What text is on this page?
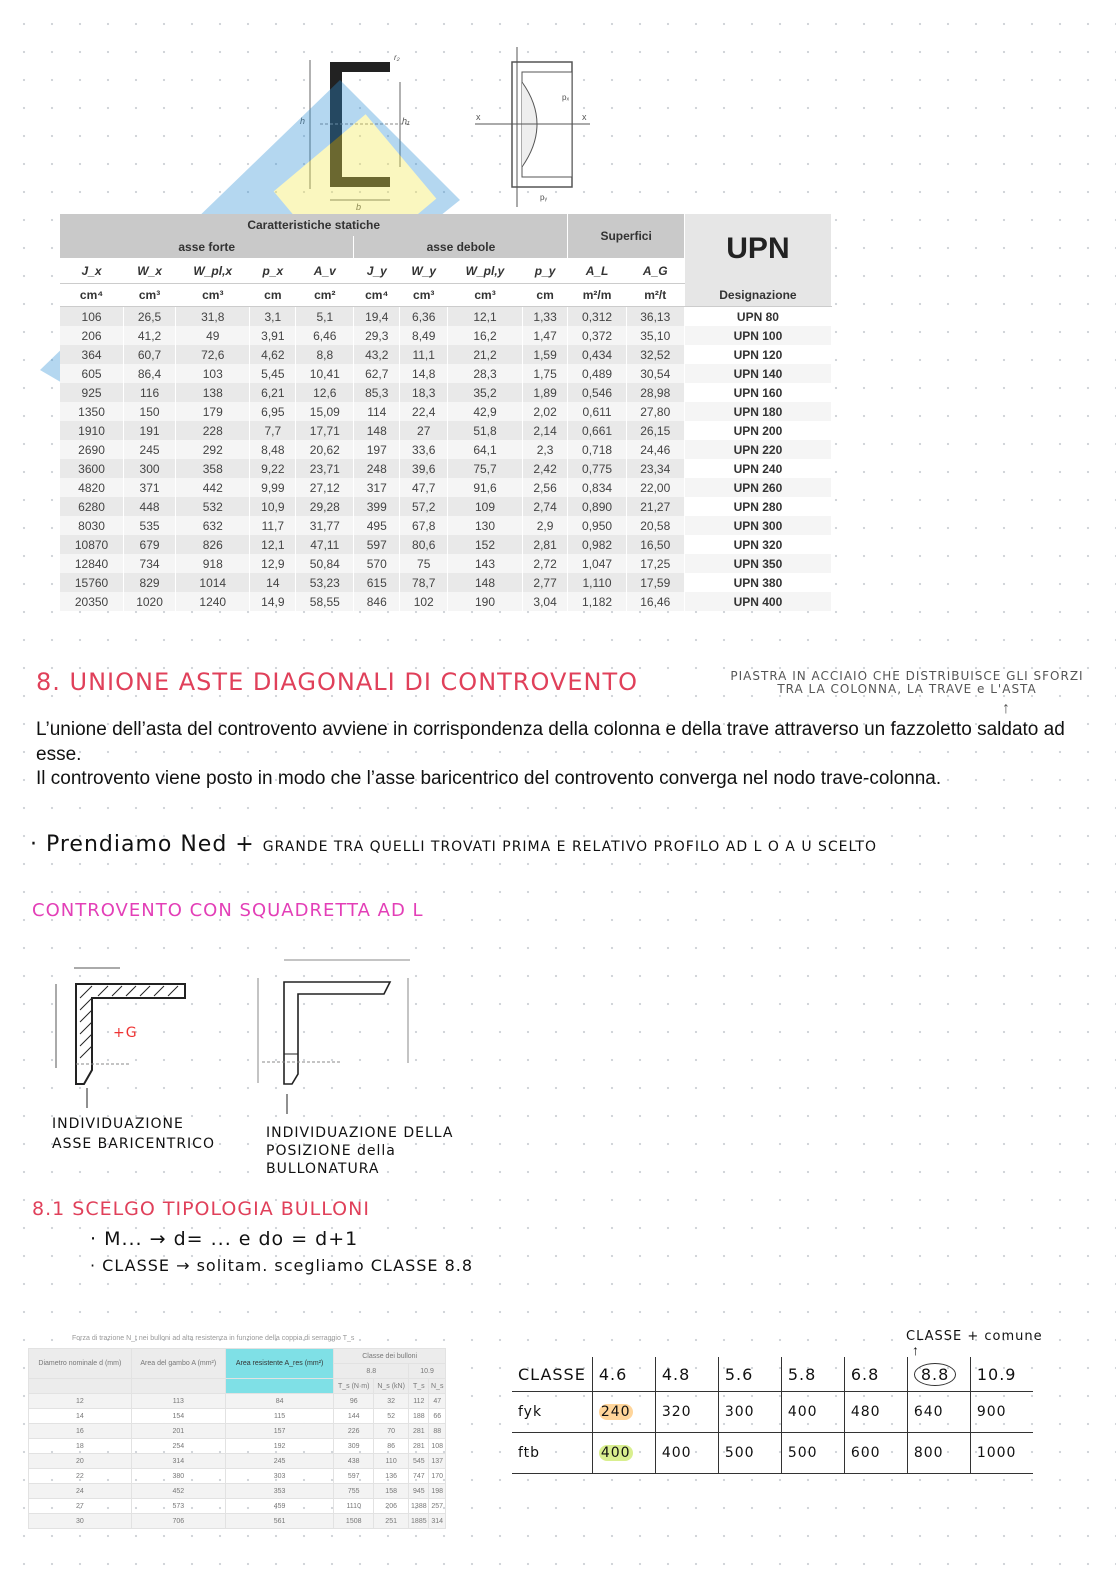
h
b
h₁
r₂
x	x
pₓ
pᵧ
Caratteristiche statiche									Superfici		UPN
asse forte					asse debole						
J_x	W_x	W_pl,x	p_x	A_v	J_y	W_y	W_pl,y	p_y	A_L	A_G	
cm⁴	cm³	cm³	cm	cm²	cm⁴	cm³	cm³	cm	m²/m	m²/t	Designazione
106	26,5	31,8	3,1	5,1	19,4	6,36	12,1	1,33	0,312	36,13	UPN 80
206	41,2	49	3,91	6,46	29,3	8,49	16,2	1,47	0,372	35,10	UPN 100
364	60,7	72,6	4,62	8,8	43,2	11,1	21,2	1,59	0,434	32,52	UPN 120
605	86,4	103	5,45	10,41	62,7	14,8	28,3	1,75	0,489	30,54	UPN 140
925	116	138	6,21	12,6	85,3	18,3	35,2	1,89	0,546	28,98	UPN 160
1350	150	179	6,95	15,09	114	22,4	42,9	2,02	0,611	27,80	UPN 180
1910	191	228	7,7	17,71	148	27	51,8	2,14	0,661	26,15	UPN 200
2690	245	292	8,48	20,62	197	33,6	64,1	2,3	0,718	24,46	UPN 220
3600	300	358	9,22	23,71	248	39,6	75,7	2,42	0,775	23,34	UPN 240
4820	371	442	9,99	27,12	317	47,7	91,6	2,56	0,834	22,00	UPN 260
6280	448	532	10,9	29,28	399	57,2	109	2,74	0,890	21,27	UPN 280
8030	535	632	11,7	31,77	495	67,8	130	2,9	0,950	20,58	UPN 300
10870	679	826	12,1	47,11	597	80,6	152	2,81	0,982	16,50	UPN 320
12840	734	918	12,9	50,84	570	75	143	2,72	1,047	17,25	UPN 350
15760	829	1014	14	53,23	615	78,7	148	2,77	1,110	17,59	UPN 380
20350	1020	1240	14,9	58,55	846	102	190	3,04	1,182	16,46	UPN 400
8. UNIONE ASTE DIAGONALI DI CONTROVENTO	PIASTRA IN ACCIAIO CHE DISTRIBUISCE GLI SFORZI TRA LA COLONNA, LA TRAVE e L'ASTA
↑
L’unione dell’asta del controvento avviene in corrispondenza della colonna e della trave attraverso un fazzoletto saldato ad esse.
Il controvento viene posto in modo che l’asse baricentrico del controvento converga nel nodo trave-colonna.
· Prendiamo Ned + GRANDE TRA QUELLI TROVATI PRIMA E RELATIVO PROFILO AD L O A U SCELTO
CONTROVENTO CON SQUADRETTA AD L
+G
INDIVIDUAZIONE ASSE BARICENTRICO
INDIVIDUAZIONE DELLA POSIZIONE della BULLONATURA
8.1 SCELGO TIPOLOGIA BULLONI
· M... → d= ... e do = d+1
· CLASSE → solitam. scegliamo CLASSE 8.8
Forza di trazione N_t nei bulloni ad alta resistenza in funzione della coppia di serraggio T_s
Diametro nominale d (mm)	Area del gambo A (mm²)	Area resistente A_res (mm²)	Classe dei bulloni			
			8.8		10.9	
			T_s (N·m)	N_s (kN)	T_s	N_s
12	113	84	96	32	112	47
14	154	115	144	52	188	66
16	201	157	226	70	281	88
18	254	192	309	86	281	108
20	314	245	438	110	545	137
22	380	303	597	136	747	170
24	452	353	755	158	945	198
27	573	459	1110	206	1388	257
30	706	561	1508	251	1885	314
CLASSE + comune
↑
CLASSE	4.6	4.8	5.6	5.8	6.8	8.8	10.9
fyk	240	320	300	400	480	640	900
ftb	400	400	500	500	600	800	1000
